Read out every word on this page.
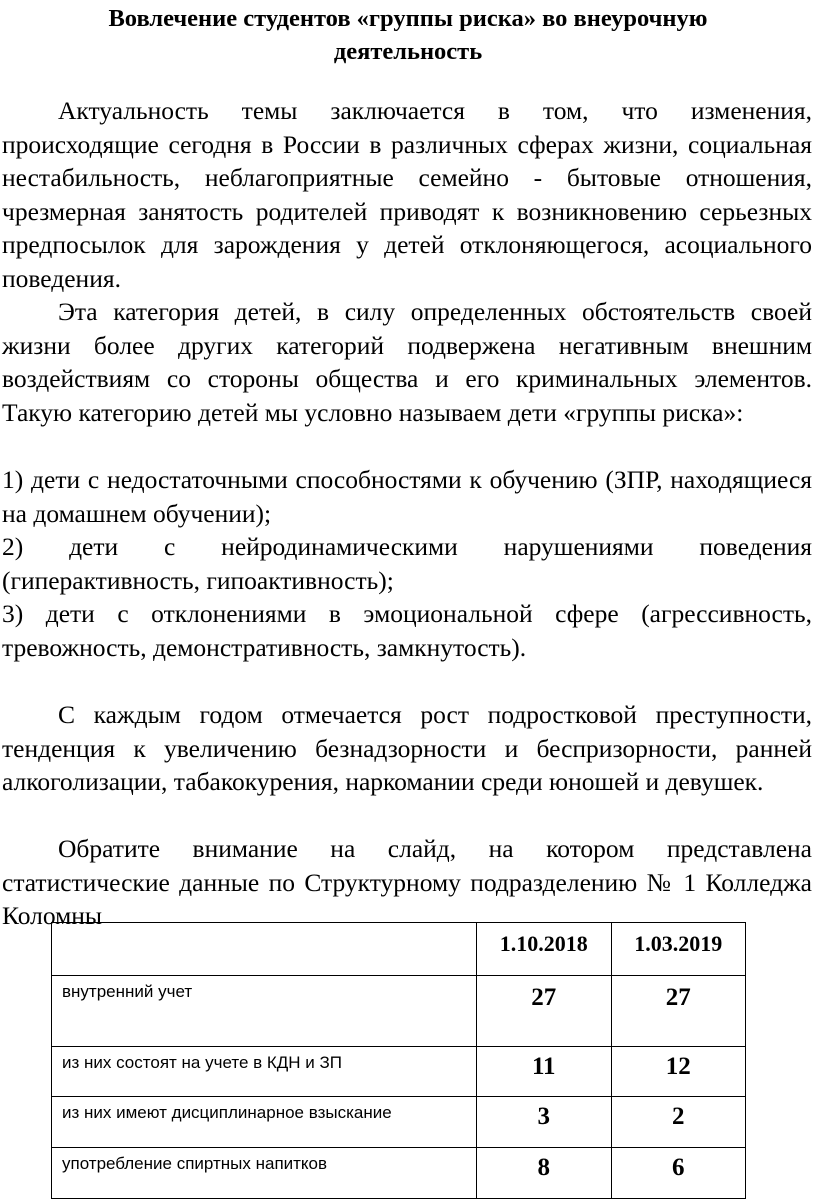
Вовлечение студентов «группы риска» во внеурочную
деятельность

Актуальность темы заключается в том, что изменения, происходящие сегодня в России в различных сферах жизни, социальная нестабильность, неблагоприятные семейно - бытовые отношения, чрезмерная занятость родителей приводят к возникновению серьезных предпосылок для зарождения у детей отклоняющегося, асоциального поведения.

Эта категория детей, в силу определенных обстоятельств своей жизни более других категорий подвержена негативным внешним воздействиям со стороны общества и его криминальных элементов. Такую категорию детей мы условно называем дети «группы риска»:

1) дети с недостаточными способностями к обучению (ЗПР, находящиеся на домашнем обучении);

2) дети с нейродинамическими нарушениями поведения (гиперактивность, гипоактивность);

3) дети с отклонениями в эмоциональной сфере (агрессивность, тревожность, демонстративность, замкнутость).

С каждым годом отмечается рост подростковой преступности, тенденция к увеличению безнадзорности и беспризорности, ранней алкоголизации, табакокурения, наркомании среди юношей и девушек.

Обратите внимание на слайд, на котором представлена статистические данные по Структурному подразделению № 1 Колледжа Коломны

	1.10.2018	1.03.2019
внутренний учет	27	27
из них состоят на учете в КДН и ЗП	11	12
из них имеют дисциплинарное взыскание	3	2
употребление спиртных напитков	8	6
